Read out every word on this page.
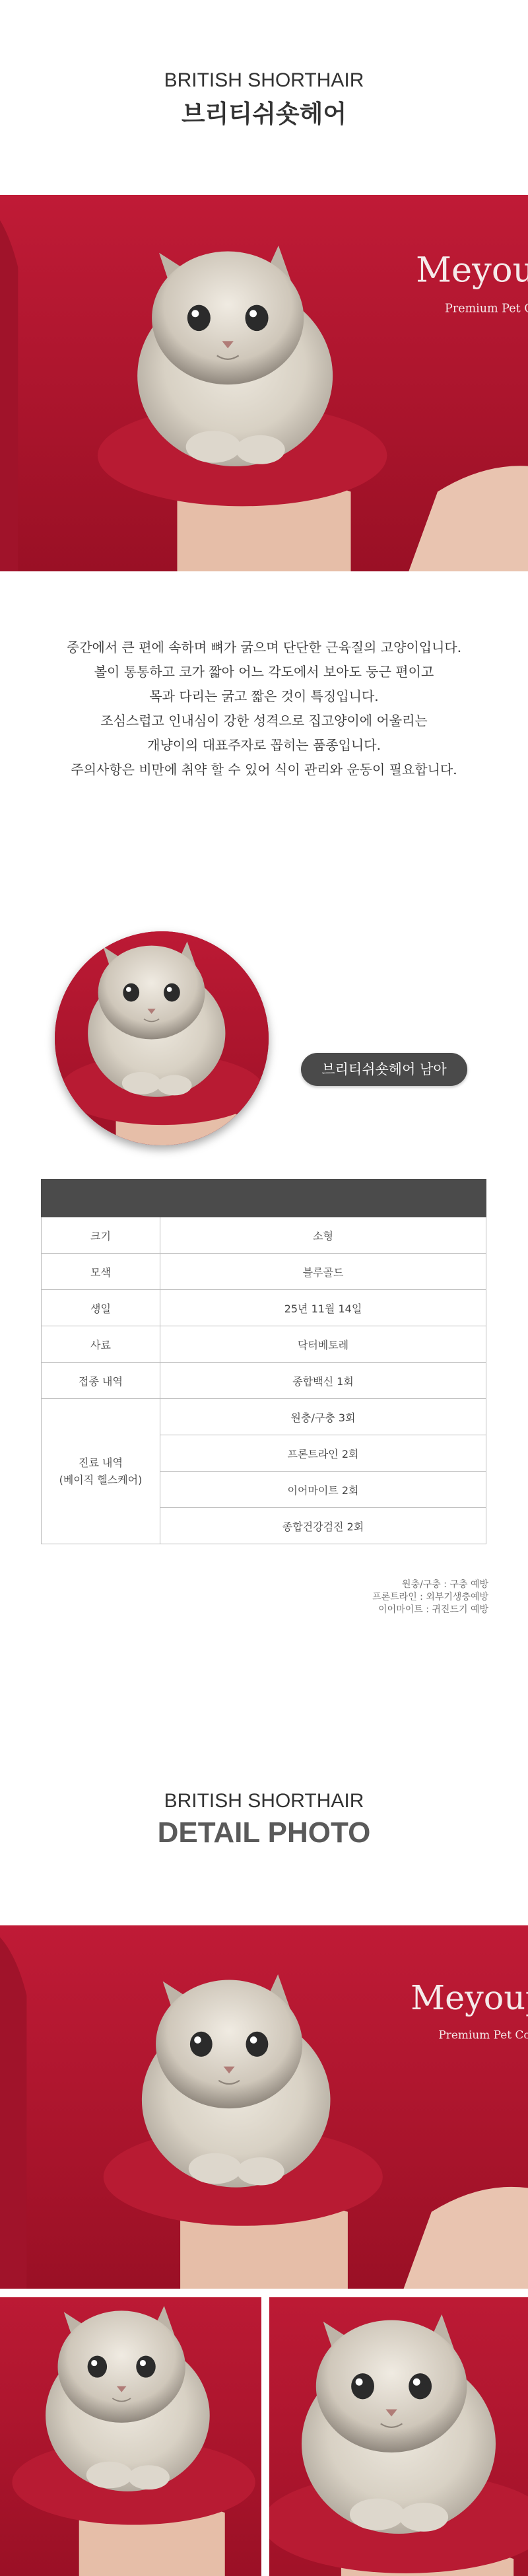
BRITISH SHORTHAIR
브리티쉬숏헤어
중간에서 큰 편에 속하며 뼈가 굵으며 단단한 근육질의 고양이입니다.
볼이 통통하고 코가 짧아 어느 각도에서 보아도 둥근 편이고
목과 다리는 굵고 짧은 것이 특징입니다.
조심스럽고 인내심이 강한 성격으로 집고양이에 어울리는
개냥이의 대표주자로 꼽히는 품종입니다.
주의사항은 비만에 취약 할 수 있어 식이 관리와 운동이 필요합니다.
브리티쉬숏헤어 남아

크기	소형
모색	블루골드
생일	25년 11월 14일
사료	닥터베토레
접종 내역	종합백신 1회
진료 내역
(베이직 헬스케어)	원충/구충 3회
	프론트라인 2회
	이어마이트 2회
	종합건강검진 2회
원충/구충 : 구충 예방
프론트라인 : 외부기생충예방
이어마이트 : 귀진드기 예방
BRITISH SHORTHAIR
DETAIL PHOTO
